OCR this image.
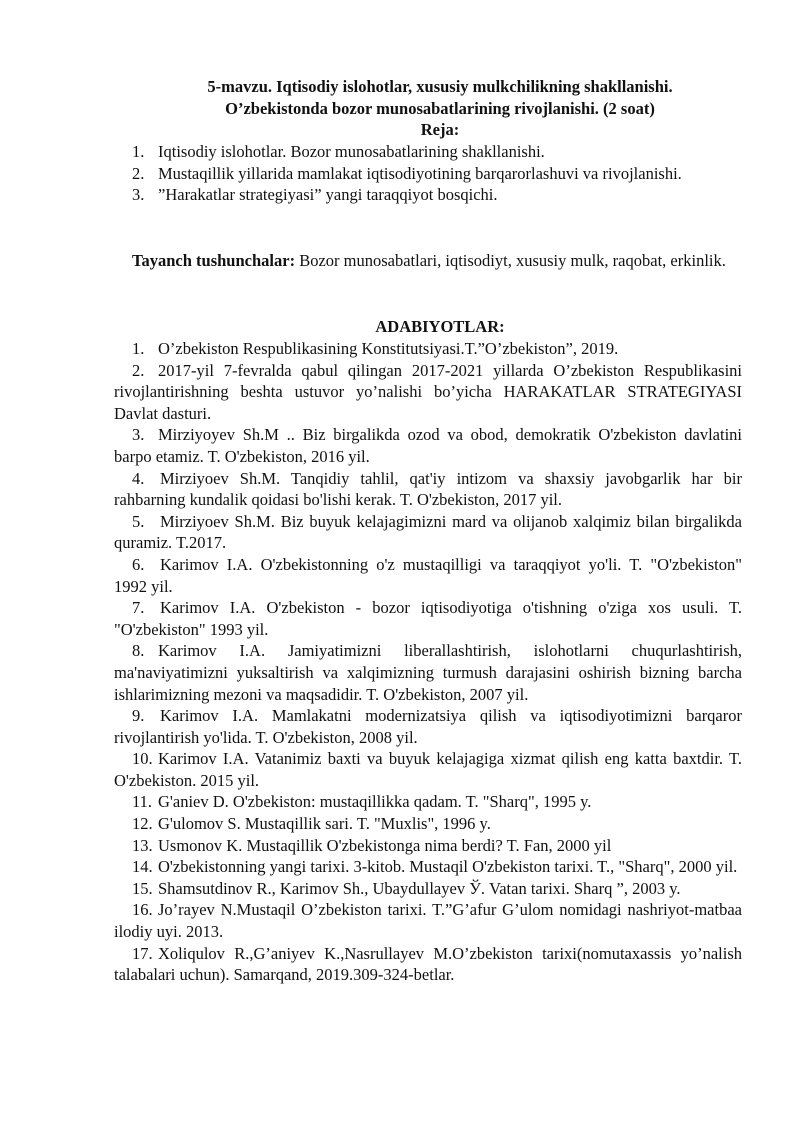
5-mavzu. Iqtisodiy islohotlar, xususiy mulkchilikning shakllanishi.
O’zbekistonda bozor munosabatlarining rivojlanishi. (2 soat)
Reja:
1. Iqtisodiy islohotlar. Bozor munosabatlarining shakllanishi.
2. Mustaqillik yillarida mamlakat iqtisodiyotining barqarorlashuvi va rivojlanishi.
3. ”Harakatlar strategiyasi” yangi taraqqiyot bosqichi.
Tayanch tushunchalar: Bozor munosabatlari, iqtisodiyt, xususiy mulk, raqobat, erkinlik.
ADABIYOTLAR:
1. O’zbekiston Respublikasining Konstitutsiyasi.T.”O’zbekiston”, 2019.
2. 2017-yil 7-fevralda qabul qilingan 2017-2021 yillarda O’zbekiston Respublikasini rivojlantirishning beshta ustuvor yo’nalishi bo’yicha HARAKATLAR STRATEGIYASI Davlat dasturi.
3. Mirziyoyev Sh.M .. Biz birgalikda ozod va obod, demokratik O'zbekiston davlatini barpo etamiz. T. O'zbekiston, 2016 yil.
4. Mirziyoev Sh.M. Tanqidiy tahlil, qat'iy intizom va shaxsiy javobgarlik har bir rahbarning kundalik qoidasi bo'lishi kerak. T. O'zbekiston, 2017 yil.
5. Mirziyoev Sh.M. Biz buyuk kelajagimizni mard va olijanob xalqimiz bilan birgalikda quramiz. T.2017.
6. Karimov I.A. O'zbekistonning o'z mustaqilligi va taraqqiyot yo'li. T. "O'zbekiston" 1992 yil.
7. Karimov I.A. O'zbekiston - bozor iqtisodiyotiga o'tishning o'ziga xos usuli. T. "O'zbekiston" 1993 yil.
8. Karimov I.A. Jamiyatimizni liberallashtirish, islohotlarni chuqurlashtirish, ma'naviyatimizni yuksaltirish va xalqimizning turmush darajasini oshirish bizning barcha ishlarimizning mezoni va maqsadidir. T. O'zbekiston, 2007 yil.
9. Karimov I.A. Mamlakatni modernizatsiya qilish va iqtisodiyotimizni barqaror rivojlantirish yo'lida. T. O'zbekiston, 2008 yil.
10. Karimov I.A. Vatanimiz baxti va buyuk kelajagiga xizmat qilish eng katta baxtdir. T. O'zbekiston. 2015 yil.
11. G'aniev D. O'zbekiston: mustaqillikka qadam. T. "Sharq", 1995 y.
12. G'ulomov S. Mustaqillik sari. T. "Muxlis", 1996 y.
13. Usmonov K. Mustaqillik O'zbekistonga nima berdi? T. Fan, 2000 yil
14. O'zbekistonning yangi tarixi. 3-kitob. Mustaqil O'zbekiston tarixi. T., "Sharq", 2000 yil.
15. Shamsutdinov R., Karimov Sh., Ubaydullayev Ў. Vatan tarixi. Sharq ”, 2003 y.
16. Jo’rayev N.Mustaqil O’zbekiston tarixi. T.”G’afur G’ulom nomidagi nashriyot-matbaa ilodiy uyi. 2013.
17. Xoliqulov R.,G’aniyev K.,Nasrullayev M.O’zbekiston tarixi(nomutaxassis yo’nalish talabalari uchun). Samarqand, 2019.309-324-betlar.
